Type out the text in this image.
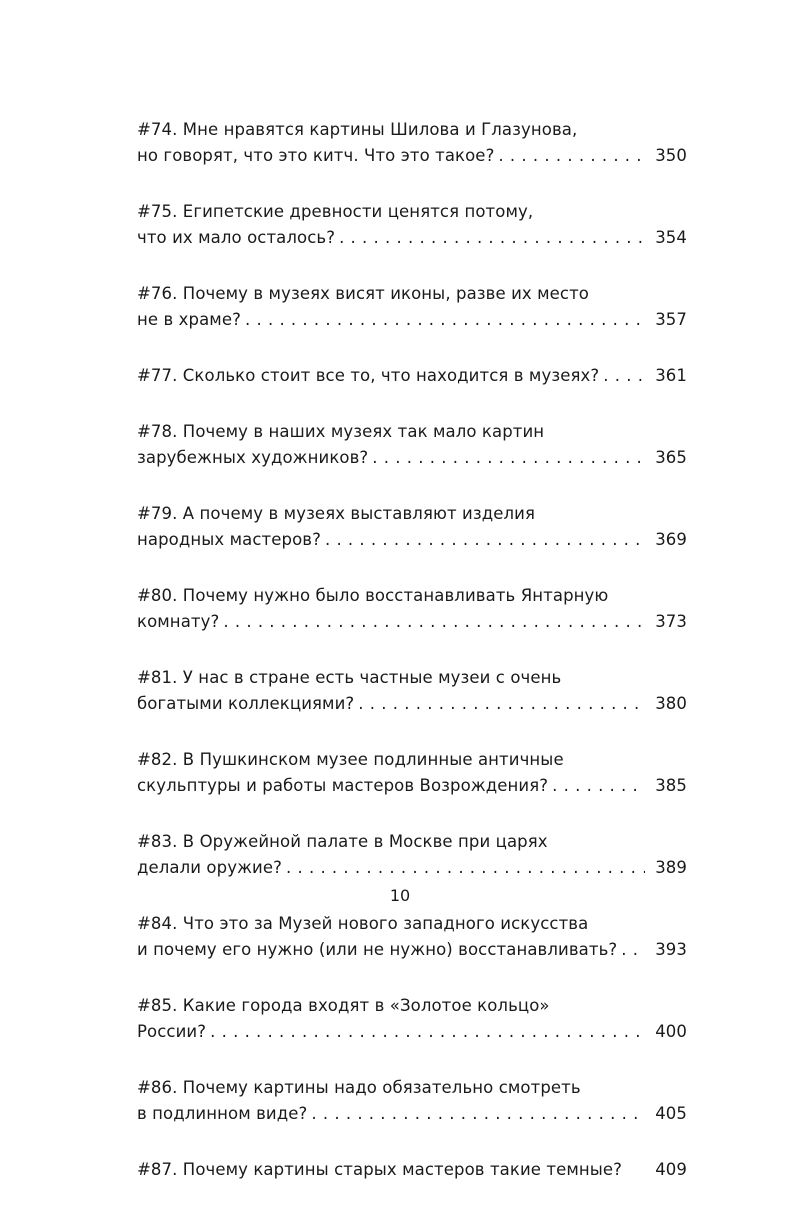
#74. Мне нравятся картины Шилова и Глазунова,
но говорят, что это китч. Что это такое? . . .	350
#75. Египетские древности ценятся потому,
что их мало осталось? . . .	354
#76. Почему в музеях висят иконы, разве их место
не в храме? . . .	357
#77. Сколько стоит все то, что находится в музеях? . . .	361
#78. Почему в наших музеях так мало картин
зарубежных художников? . . .	365
#79. А почему в музеях выставляют изделия
народных мастеров? . . .	369
#80. Почему нужно было восстанавливать Янтарную
комнату? . . .	373
#81. У нас в стране есть частные музеи с очень
богатыми коллекциями? . . .	380
#82. В Пушкинском музее подлинные античные
скульптуры и работы мастеров Возрождения? . . .	385
#83. В Оружейной палате в Москве при царях
делали оружие? . . .	389
#84. Что это за Музей нового западного искусства
и почему его нужно (или не нужно) восстанавливать? . . .	393
#85. Какие города входят в «Золотое кольцо»
России? . . .	400
#86. Почему картины надо обязательно смотреть
в подлинном виде? . . .	405
#87. Почему картины старых мастеров такие темные?	409
10
